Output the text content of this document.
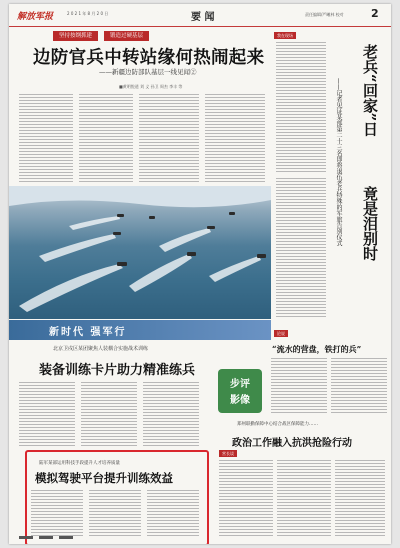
解放军报	2 0 2 1 年 8 月 2 0 日	要 闻	责任编辑/严曦林 校对 2
坚持按纲抓建	锻造过硬基层
边防官兵中转站缘何热闹起来
——新疆边防部队基层一线见闻②
■黄明悦道 刘 义 孙卫 周杰 李丰 等
新时代 强军行
北京卫戍区某团聚焦人装耦合实施战术训练
装备训练卡片助力精准练兵
步评
影像
陆军某部运用科技手段提升人才培养质量
模拟驾驶平台提升训练效益
我在现场
老兵“回家”日
竟是泪别时
——记者见证某部第二十三名即将退伍老兵特殊的军旅告别仪式
论说
“流水的营盘，铁打的兵”
郑州联勤保障中心结合战区保障能力……
政治工作融入抗洪抢险行动
营长谈
